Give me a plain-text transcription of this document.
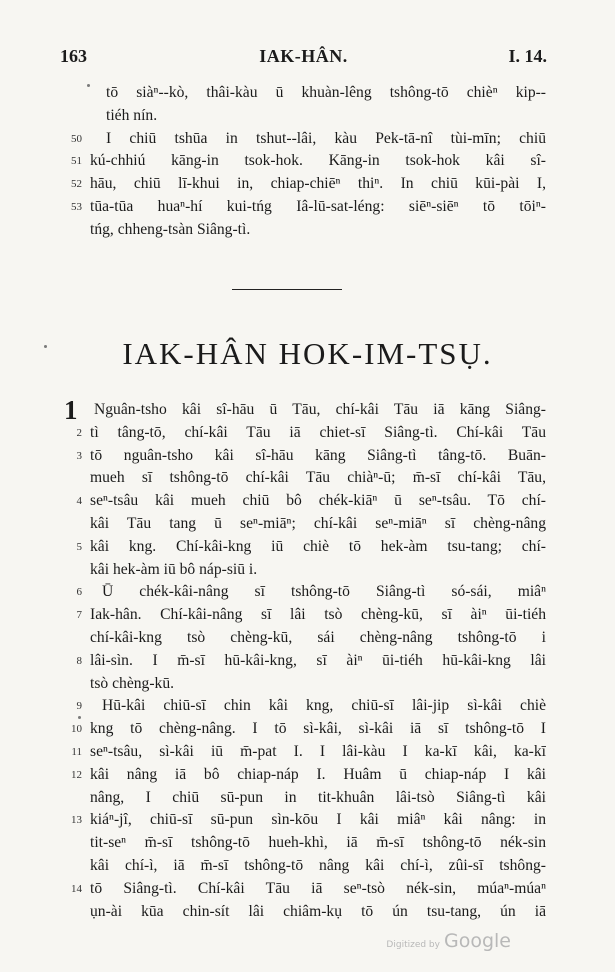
163	IAK-HÂN.	I. 14.
tō siàⁿ--kò, thâi-kàu ū khuàn-lêng tshông-tō chièⁿ kip--
tiéh nín.
50 I chiū tshūa in tshut--lâi, kàu Pek-tā-nî tùi-mīn; chiū
51 kú-chhiú kāng-in tsok-hok. Kāng-in tsok-hok kâi sî-
52 hāu, chiū lī-khui in, chiap-chiēⁿ thiⁿ. In chiū kūi-pài I,
53 tūa-tūa huaⁿ-hí kui-tńg Iâ-lū-sat-léng: siēⁿ-siēⁿ tō tōiⁿ-
tńg, chheng-tsàn Siâng-tì.
IAK-HÂN HOK-IM-TSỤ.
1 Nguân-tsho kâi sî-hāu ū Tāu, chí-kâi Tāu iā kāng Siâng-
2 tì tâng-tō, chí-kâi Tāu iā chiet-sī Siâng-tì. Chí-kâi Tāu
3 tō nguân-tsho kâi sî-hāu kāng Siâng-tì tâng-tō. Buān-
mueh sī tshông-tō chí-kâi Tāu chiàⁿ-ū; m̄-sī chí-kâi Tāu,
4 seⁿ-tsâu kâi mueh chiū bô chék-kiāⁿ ū seⁿ-tsâu. Tō chí-
kâi Tāu tang ū seⁿ-miāⁿ; chí-kâi seⁿ-miāⁿ sī chèng-nâng
5 kâi kng. Chí-kâi-kng iū chiè tō hek-àm tsu-tang; chí-
kâi hek-àm iū bô náp-siū i.
6 Ū chék-kâi-nâng sī tshông-tō Siâng-tì só-sái, miâⁿ
7 Iak-hân. Chí-kâi-nâng sī lâi tsò chèng-kū, sī àiⁿ ūi-tiéh
chí-kâi-kng tsò chèng-kū, sái chèng-nâng tshông-tō i
8 lâi-sìn. I m̄-sī hū-kâi-kng, sī àiⁿ ūi-tiéh hū-kâi-kng lâi
tsò chèng-kū.
9 Hū-kâi chiū-sī chin kâi kng, chiū-sī lâi-jip sì-kâi chiè
10 kng tō chèng-nâng. I tō sì-kâi, sì-kâi iā sī tshông-tō I
11 seⁿ-tsâu, sì-kâi iū m̄-pat I. I lâi-kàu I ka-kī kâi, ka-kī
12 kâi nâng iā bô chiap-náp I. Huâm ū chiap-náp I kâi
nâng, I chiū sū-pun in tit-khuân lâi-tsò Siâng-tì kâi
13 kiáⁿ-jî, chiū-sī sū-pun sìn-kōu I kâi miâⁿ kâi nâng: in
tit-seⁿ m̄-sī tshông-tō hueh-khì, iā m̄-sī tshông-tō nék-sin
kâi chí-ì, iā m̄-sī tshông-tō nâng kâi chí-ì, zûi-sī tshông-
14 tō Siâng-tì. Chí-kâi Tāu iā seⁿ-tsò nék-sin, múaⁿ-múaⁿ
ụn-ài kūa chin-sít lâi chiâm-kụ tō ún tsu-tang, ún iā
Digitized by Google
